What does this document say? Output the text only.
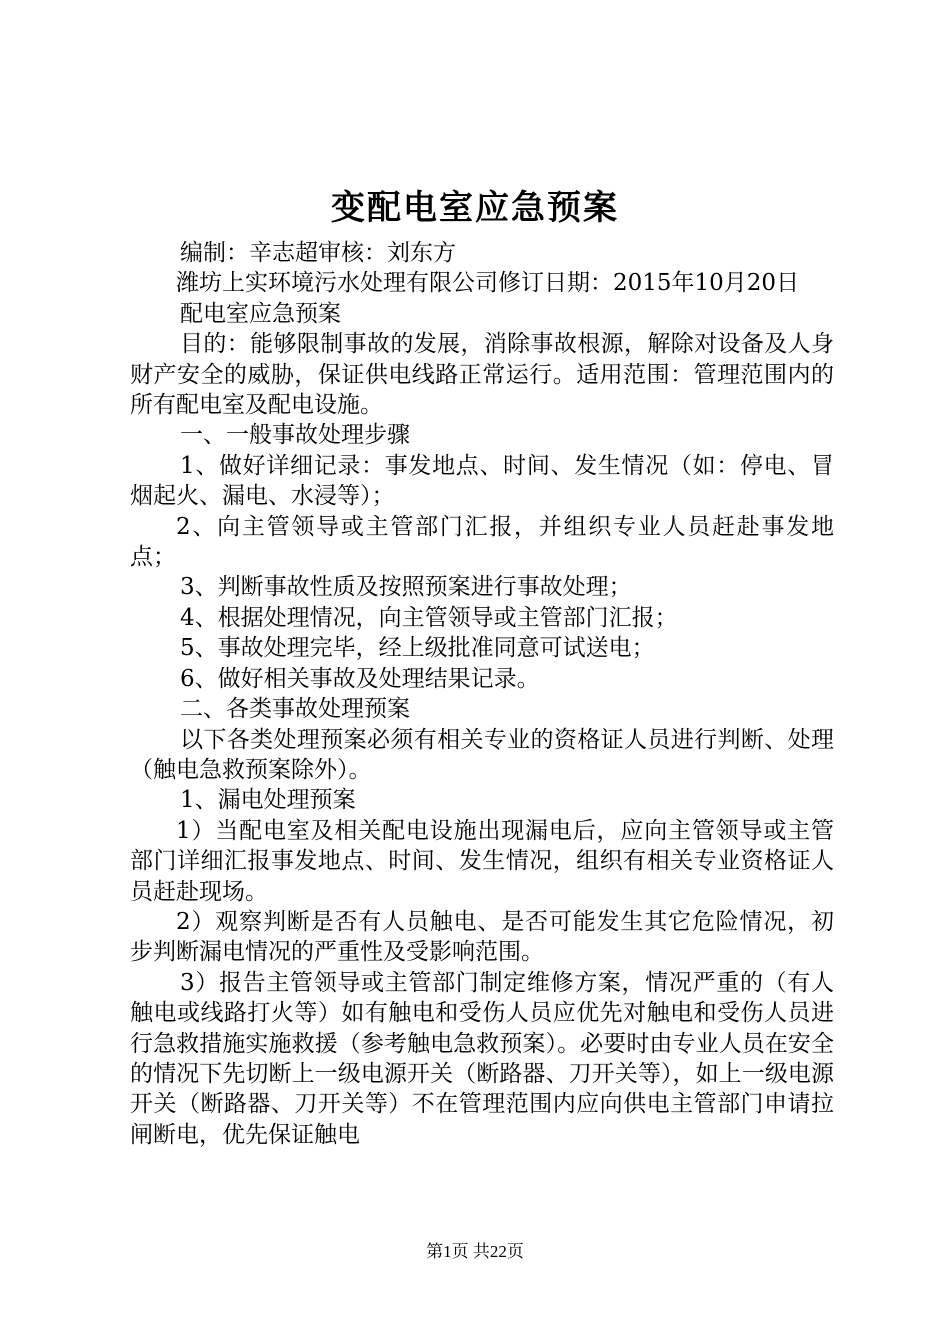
变配电室应急预案

编制：辛志超审核：刘东方

潍坊上实环境污水处理有限公司修订日期：2015年10月20日

配电室应急预案

目的：能够限制事故的发展，消除事故根源，解除对设备及人身财产安全的威胁，保证供电线路正常运行。适用范围：管理范围内的所有配电室及配电设施。

一、一般事故处理步骤

1、做好详细记录：事发地点、时间、发生情况（如：停电、冒烟起火、漏电、水浸等）；

2、向主管领导或主管部门汇报，并组织专业人员赶赴事发地点；

3、判断事故性质及按照预案进行事故处理；

4、根据处理情况，向主管领导或主管部门汇报；

5、事故处理完毕，经上级批准同意可试送电；

6、做好相关事故及处理结果记录。

二、各类事故处理预案

以下各类处理预案必须有相关专业的资格证人员进行判断、处理（触电急救预案除外）。

1、漏电处理预案

1）当配电室及相关配电设施出现漏电后，应向主管领导或主管部门详细汇报事发地点、时间、发生情况，组织有相关专业资格证人员赶赴现场。

2）观察判断是否有人员触电、是否可能发生其它危险情况，初步判断漏电情况的严重性及受影响范围。

3）报告主管领导或主管部门制定维修方案，情况严重的（有人触电或线路打火等）如有触电和受伤人员应优先对触电和受伤人员进行急救措施实施救援（参考触电急救预案）。必要时由专业人员在安全的情况下先切断上一级电源开关（断路器、刀开关等），如上一级电源开关（断路器、刀开关等）不在管理范围内应向供电主管部门申请拉闸断电，优先保证触电

第1页 共22页
